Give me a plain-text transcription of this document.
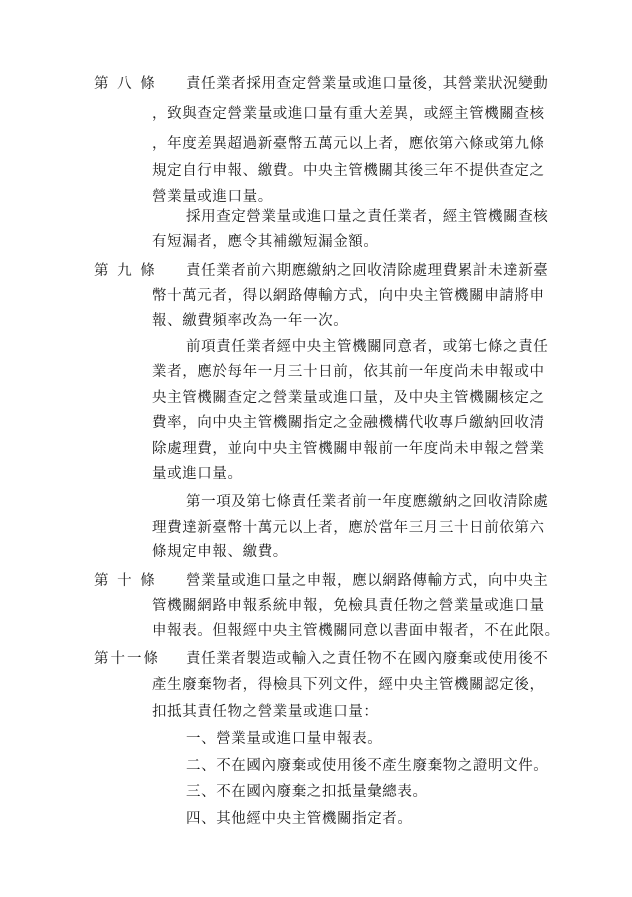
第 八 條 責任業者採用查定營業量或進口量後，其營業狀況變動
，致與查定營業量或進口量有重大差異，或經主管機關查核
，年度差異超過新臺幣五萬元以上者，應依第六條或第九條
規定自行申報、繳費。中央主管機關其後三年不提供查定之
營業量或進口量。
採用查定營業量或進口量之責任業者，經主管機關查核
有短漏者，應令其補繳短漏金額。
第 九 條 責任業者前六期應繳納之回收清除處理費累計未達新臺
幣十萬元者，得以網路傳輸方式，向中央主管機關申請將申
報、繳費頻率改為一年一次。
前項責任業者經中央主管機關同意者，或第七條之責任
業者，應於每年一月三十日前，依其前一年度尚未申報或中
央主管機關查定之營業量或進口量，及中央主管機關核定之
費率，向中央主管機關指定之金融機構代收專戶繳納回收清
除處理費，並向中央主管機關申報前一年度尚未申報之營業
量或進口量。
第一項及第七條責任業者前一年度應繳納之回收清除處
理費達新臺幣十萬元以上者，應於當年三月三十日前依第六
條規定申報、繳費。
第 十 條 營業量或進口量之申報，應以網路傳輸方式，向中央主
管機關網路申報系統申報，免檢具責任物之營業量或進口量
申報表。但報經中央主管機關同意以書面申報者，不在此限。
第十一條 責任業者製造或輸入之責任物不在國內廢棄或使用後不
產生廢棄物者，得檢具下列文件，經中央主管機關認定後，
扣抵其責任物之營業量或進口量：
一、營業量或進口量申報表。
二、不在國內廢棄或使用後不產生廢棄物之證明文件。
三、不在國內廢棄之扣抵量彙總表。
四、其他經中央主管機關指定者。
